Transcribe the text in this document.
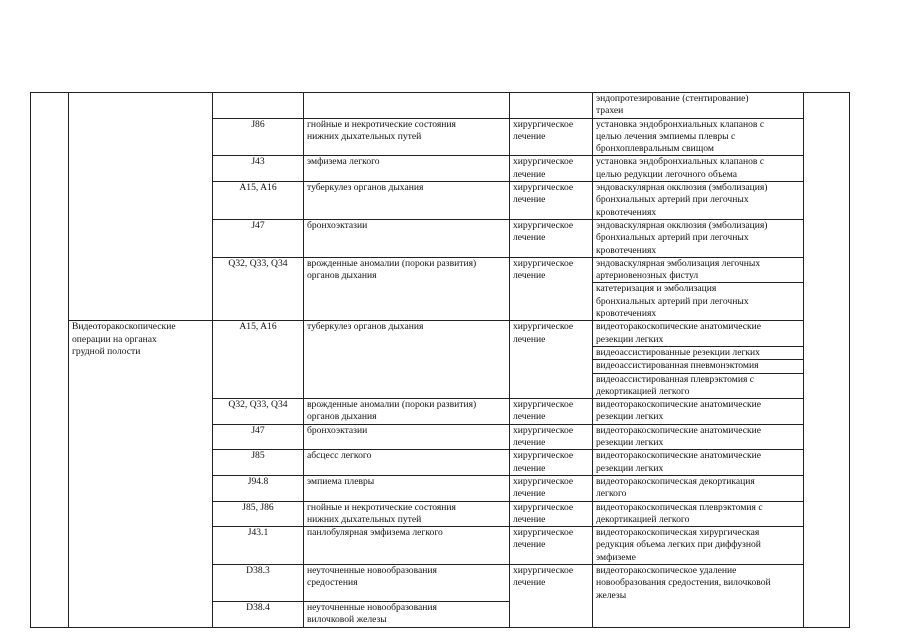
					эндопротезирование (стентирование)
трахеи	

		J86	гнойные и некротические состояния
нижних дыхательных путей	хирургическое
лечение	установка эндобронхиальных клапанов с
целью лечения эмпиемы плевры с
бронхоплевральным свищом	

		J43	эмфизема легкого	хирургическое
лечение	установка эндобронхиальных клапанов с
целью редукции легочного объема	

		A15, A16	туберкулез органов дыхания	хирургическое
лечение	эндоваскулярная окклюзия (эмболизация)
бронхиальных артерий при легочных
кровотечениях	

		J47	бронхоэктазии	хирургическое
лечение	эндоваскулярная окклюзия (эмболизация)
бронхиальных артерий при легочных
кровотечениях	

		Q32, Q33, Q34	врожденные аномалии (пороки развития)
органов дыхания	хирургическое
лечение	эндоваскулярная эмболизация легочных
артериовенозных фистул	

					катетеризация и эмболизация
бронхиальных артерий при легочных
кровотечениях	

	Видеоторакоскопические
операции на органах
грудной полости	A15, A16	туберкулез органов дыхания	хирургическое
лечение	видеоторакоскопические анатомические
резекции легких	

					видеоассистированные резекции легких	

					видеоассистированная пневмонэктомия	

					видеоассистированная плеврэктомия с
декортикацией легкого	

		Q32, Q33, Q34	врожденные аномалии (пороки развития)
органов дыхания	хирургическое
лечение	видеоторакоскопические анатомические
резекции легких	

		J47	бронхоэктазии	хирургическое
лечение	видеоторакоскопические анатомические
резекции легких	

		J85	абсцесс легкого	хирургическое
лечение	видеоторакоскопические анатомические
резекции легких	

		J94.8	эмпиема плевры	хирургическое
лечение	видеоторакоскопическая декортикация
легкого	

		J85, J86	гнойные и некротические состояния
нижних дыхательных путей	хирургическое
лечение	видеоторакоскопическая плеврэктомия с
декортикацией легкого	

		J43.1	панлобулярная эмфизема легкого	хирургическое
лечение	видеоторакоскопическая хирургическая
редукция объема легких при диффузной
эмфиземе	

		D38.3	неуточненные новообразования
средостения	хирургическое
лечение	видеоторакоскопическое удаление
новообразования средостения, вилочковой
железы	

		D38.4	неуточненные новообразования
вилочковой железы			
